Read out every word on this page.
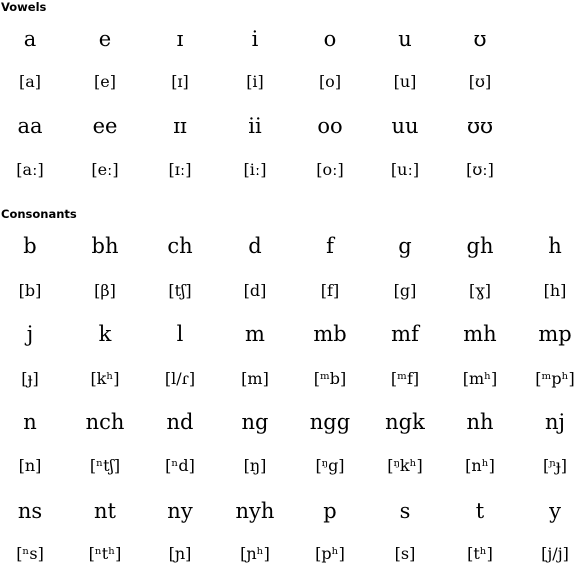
Vowels
Consonants
a	e	ɪ	i	o	u	ʊ
[a]	[e]	[ɪ]	[i]	[o]	[u]	[ʊ]
aa	ee	ɪɪ	ii	oo	uu	ʊʊ
[aː]	[eː]	[ɪː]	[iː]	[oː]	[uː]	[ʊː]
b	bh	ch	d	f	g	gh	h
[b]	[β]	[tʃ]	[d]	[f]	[g]	[ɣ]	[h]
j	k	l	m	mb	mf	mh	mp
[ɟ]	[kʰ]	[l/ɾ]	[m]	[ᵐb]	[ᵐf]	[mʰ]	[ᵐpʰ]
n	nch	nd	ng	ngg	ngk	nh	nj
[n]	[ⁿtʃ]	[ⁿd]	[ŋ]	[ᵑg]	[ᵑkʰ]	[nʰ]	[ᶮɟ]
ns	nt	ny	nyh	p	s	t	y
[ⁿs]	[ⁿtʰ]	[ɲ]	[ɲʰ]	[pʰ]	[s]	[tʰ]	[j/j]
